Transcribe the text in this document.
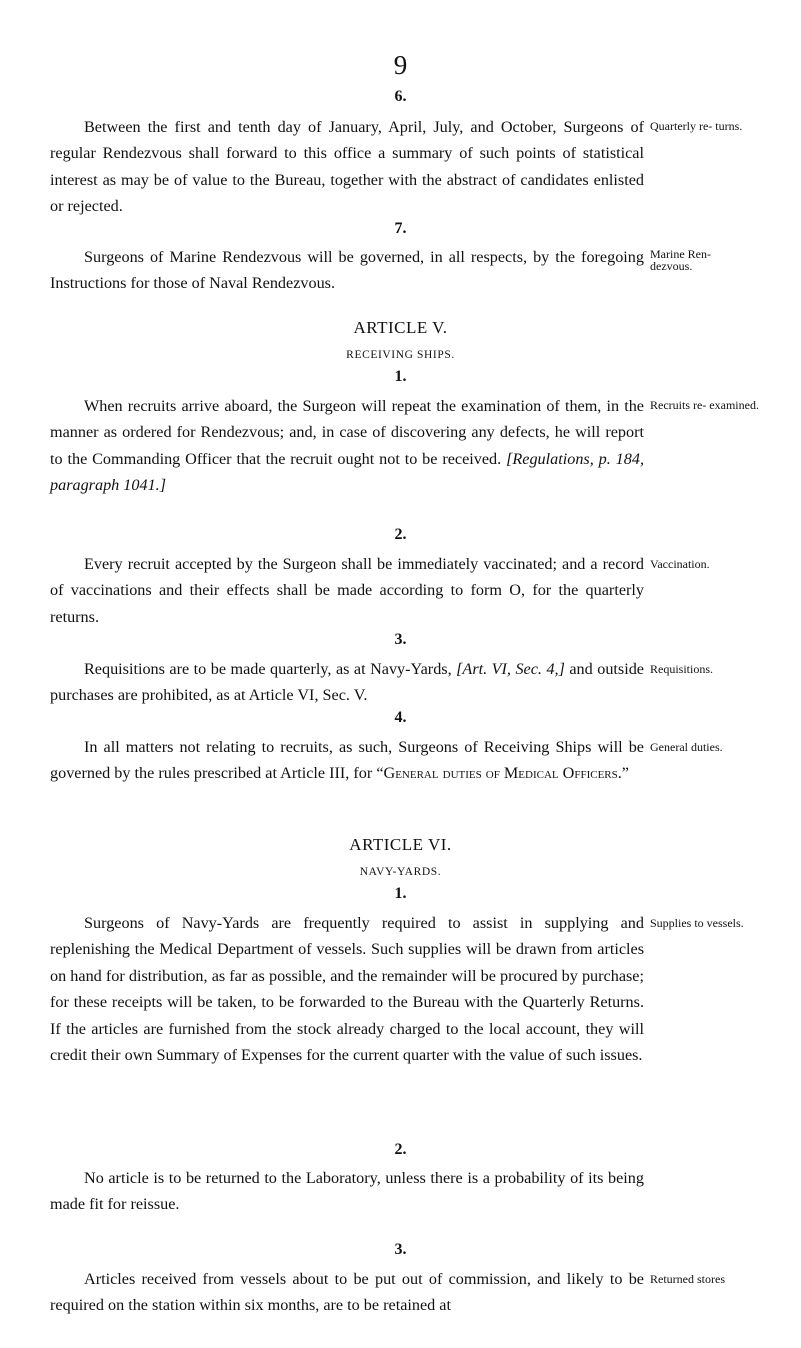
9
6.

Between the first and tenth day of January, April, July, and October, Surgeons of regular Rendezvous shall forward to this office a summary of such points of statistical interest as may be of value to the Bureau, together with the abstract of candidates enlisted or rejected.

Quarterly re- turns.
7.

Surgeons of Marine Rendezvous will be governed, in all respects, by the foregoing Instructions for those of Naval Rendezvous.

Marine Ren- dezvous.
ARTICLE V.
RECEIVING SHIPS.
1.

When recruits arrive aboard, the Surgeon will repeat the examination of them, in the manner as ordered for Rendezvous; and, in case of discovering any defects, he will report to the Commanding Officer that the recruit ought not to be received. [Regulations, p. 184, paragraph 1041.]

Recruits re- examined.
2.

Every recruit accepted by the Surgeon shall be immediately vaccinated; and a record of vaccinations and their effects shall be made according to form O, for the quarterly returns.

Vaccination.
3.

Requisitions are to be made quarterly, as at Navy-Yards, [Art. VI, Sec. 4,] and outside purchases are prohibited, as at Article VI, Sec. V.

Requisitions.
4.

In all matters not relating to recruits, as such, Surgeons of Receiving Ships will be governed by the rules prescribed at Article III, for “General duties of Medical Officers.”

General duties.
ARTICLE VI.
NAVY-YARDS.
1.

Surgeons of Navy-Yards are frequently required to assist in supplying and replenishing the Medical Department of vessels. Such supplies will be drawn from articles on hand for distribution, as far as possible, and the remainder will be procured by purchase; for these receipts will be taken, to be forwarded to the Bureau with the Quarterly Returns. If the articles are furnished from the stock already charged to the local account, they will credit their own Summary of Expenses for the current quarter with the value of such issues.

Supplies to vessels.
2.

No article is to be returned to the Laboratory, unless there is a probability of its being made fit for reissue.

3.

Articles received from vessels about to be put out of commission, and likely to be required on the station within six months, are to be retained at

Returned stores
